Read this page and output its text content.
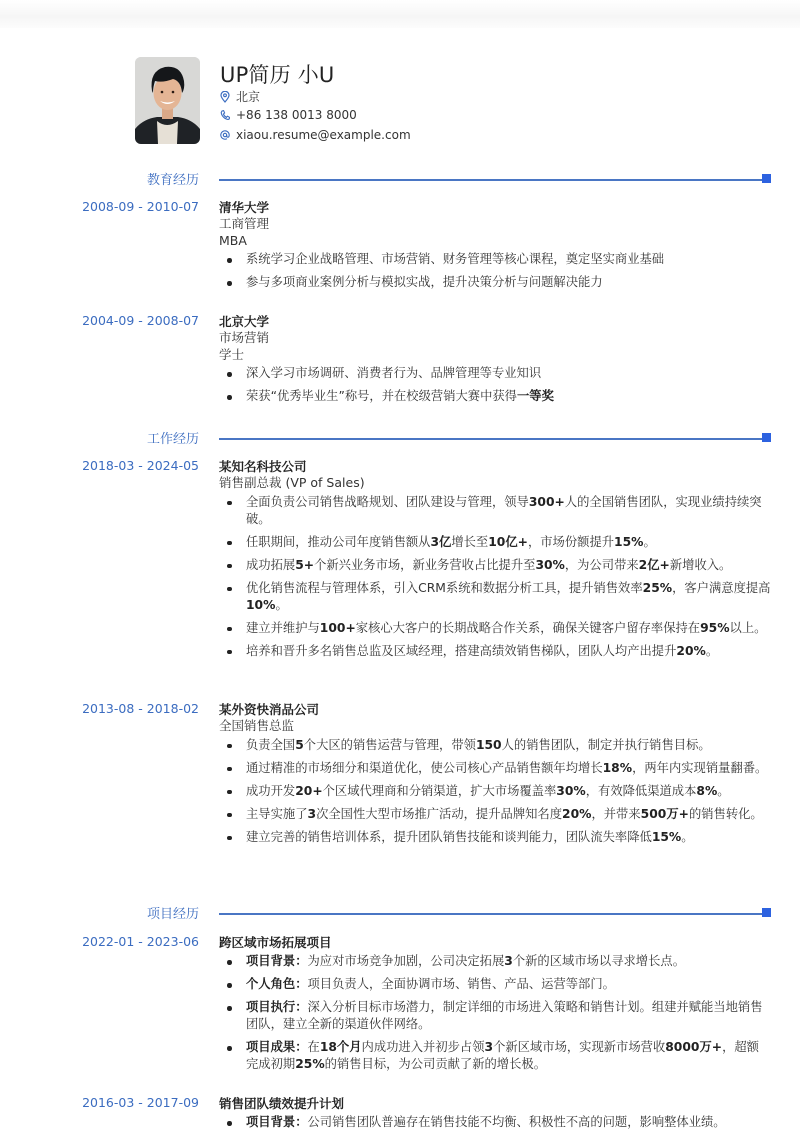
UP简历 小U
北京
+86 138 0013 8000
xiaou.resume@example.com
教育经历
2008-09 - 2010-07 清华大学
工商管理
MBA
系统学习企业战略管理、市场营销、财务管理等核心课程，奠定坚实商业基础
参与多项商业案例分析与模拟实战，提升决策分析与问题解决能力
2004-09 - 2008-07 北京大学
市场营销
学士
深入学习市场调研、消费者行为、品牌管理等专业知识
荣获“优秀毕业生”称号，并在校级营销大赛中获得一等奖
工作经历
2018-03 - 2024-05 某知名科技公司
销售副总裁 (VP of Sales)
全面负责公司销售战略规划、团队建设与管理，领导300+人的全国销售团队，实现业绩持续突破。
任职期间，推动公司年度销售额从3亿增长至10亿+，市场份额提升15%。
成功拓展5+个新兴业务市场，新业务营收占比提升至30%，为公司带来2亿+新增收入。
优化销售流程与管理体系，引入CRM系统和数据分析工具，提升销售效率25%，客户满意度提高10%。
建立并维护与100+家核心大客户的长期战略合作关系，确保关键客户留存率保持在95%以上。
培养和晋升多名销售总监及区域经理，搭建高绩效销售梯队，团队人均产出提升20%。
2013-08 - 2018-02 某外资快消品公司
全国销售总监
负责全国5个大区的销售运营与管理，带领150人的销售团队，制定并执行销售目标。
通过精准的市场细分和渠道优化，使公司核心产品销售额年均增长18%，两年内实现销量翻番。
成功开发20+个区域代理商和分销渠道，扩大市场覆盖率30%，有效降低渠道成本8%。
主导实施了3次全国性大型市场推广活动，提升品牌知名度20%，并带来500万+的销售转化。
建立完善的销售培训体系，提升团队销售技能和谈判能力，团队流失率降低15%。
项目经历
2022-01 - 2023-06 跨区域市场拓展项目
项目背景：为应对市场竞争加剧，公司决定拓展3个新的区域市场以寻求增长点。
个人角色：项目负责人，全面协调市场、销售、产品、运营等部门。
项目执行：深入分析目标市场潜力，制定详细的市场进入策略和销售计划。组建并赋能当地销售团队，建立全新的渠道伙伴网络。
项目成果：在18个月内成功进入并初步占领3个新区域市场，实现新市场营收8000万+，超额完成初期25%的销售目标，为公司贡献了新的增长极。
2016-03 - 2017-09 销售团队绩效提升计划
项目背景：公司销售团队普遍存在销售技能不均衡、积极性不高的问题，影响整体业绩。
